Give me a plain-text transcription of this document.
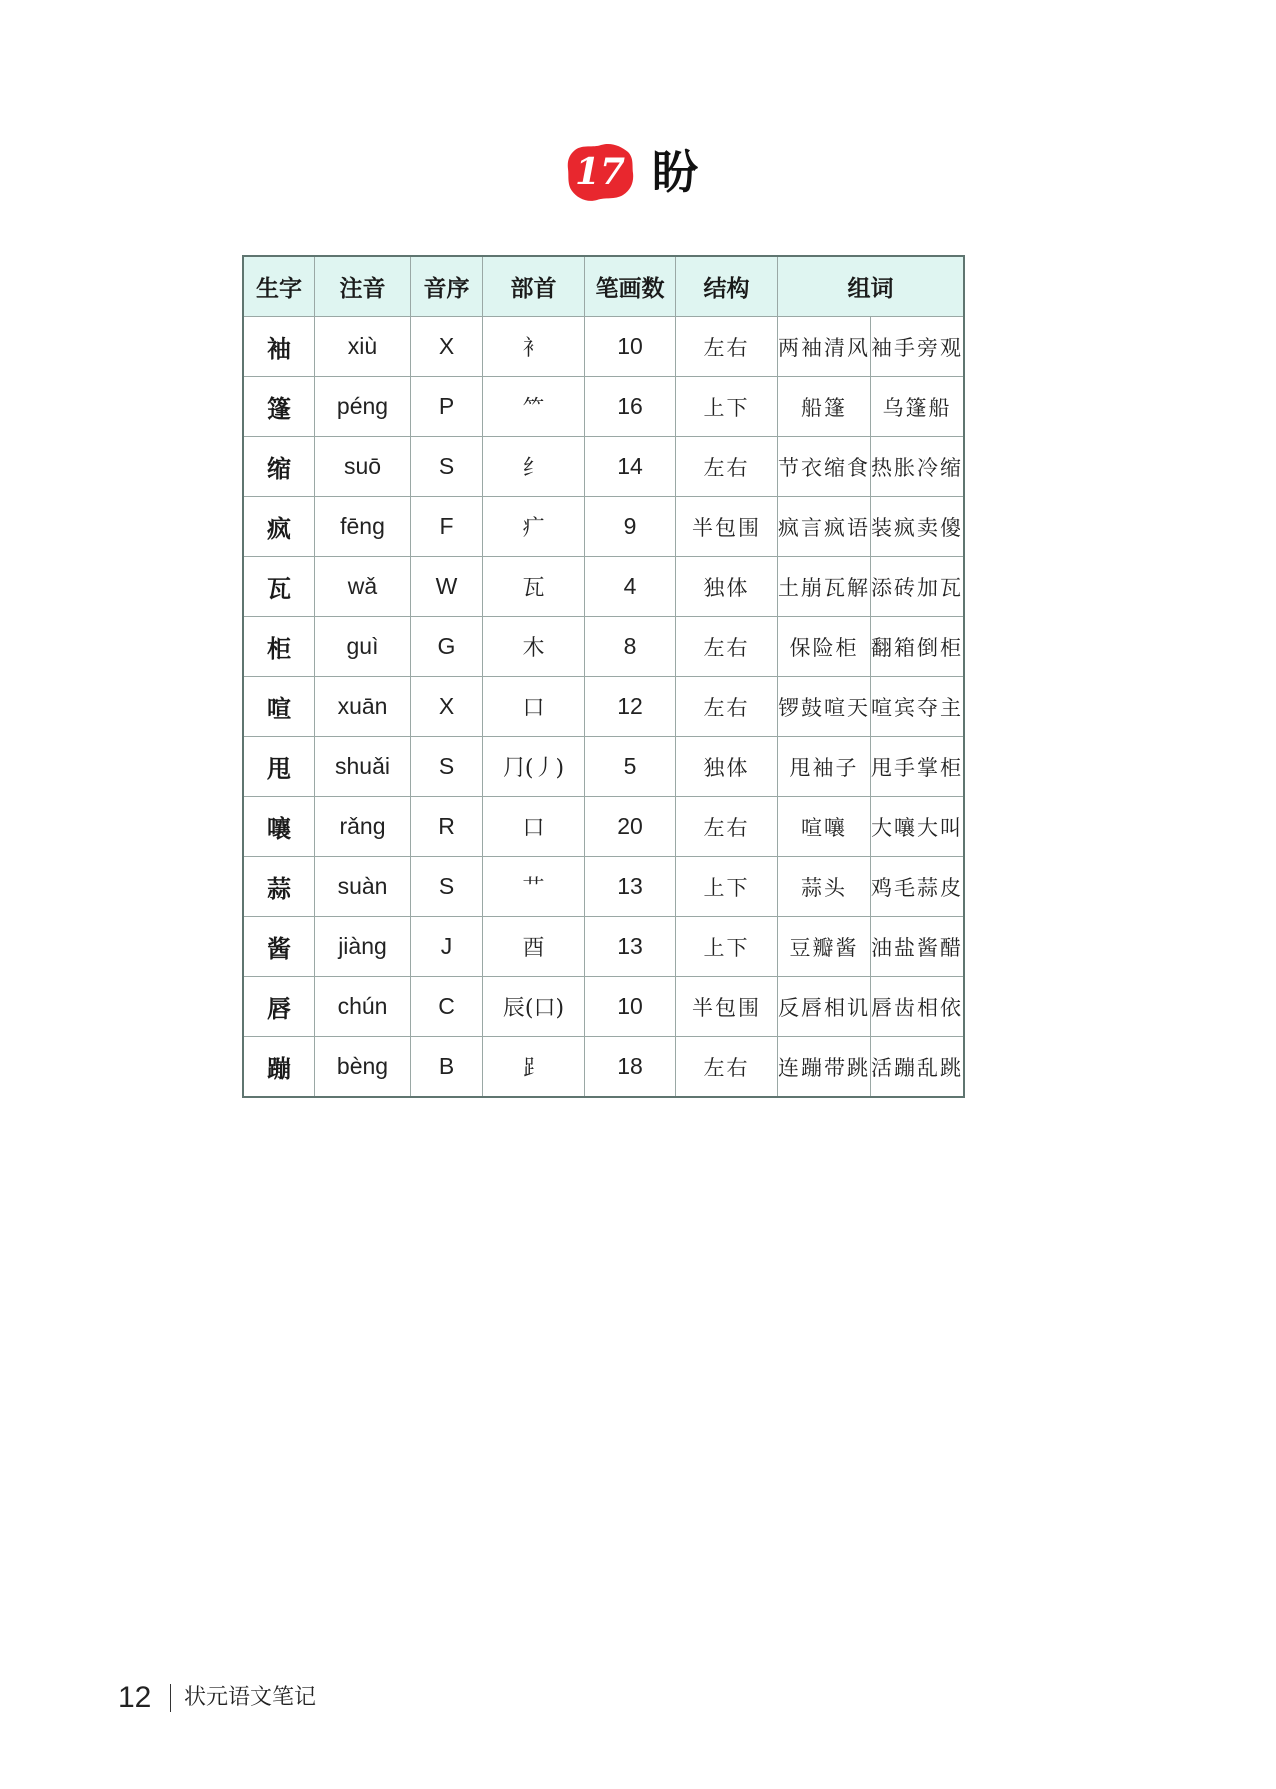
17 盼
生字	注音	音序	部首	笔画数	结构	组词	
袖	xiù	X	衤	10	左右	两袖清风	袖手旁观
篷	péng	P	⺮	16	上下	船篷	乌篷船
缩	suō	S	纟	14	左右	节衣缩食	热胀冷缩
疯	fēng	F	疒	9	半包围	疯言疯语	装疯卖傻
瓦	wǎ	W	瓦	4	独体	土崩瓦解	添砖加瓦
柜	guì	G	木	8	左右	保险柜	翻箱倒柜
喧	xuān	X	口	12	左右	锣鼓喧天	喧宾夺主
甩	shuǎi	S	⺆(丿)	5	独体	甩袖子	甩手掌柜
嚷	rǎng	R	口	20	左右	喧嚷	大嚷大叫
蒜	suàn	S	艹	13	上下	蒜头	鸡毛蒜皮
酱	jiàng	J	酉	13	上下	豆瓣酱	油盐酱醋
唇	chún	C	辰(口)	10	半包围	反唇相讥	唇齿相依
蹦	bèng	B	⻊	18	左右	连蹦带跳	活蹦乱跳
12 状元语文笔记
